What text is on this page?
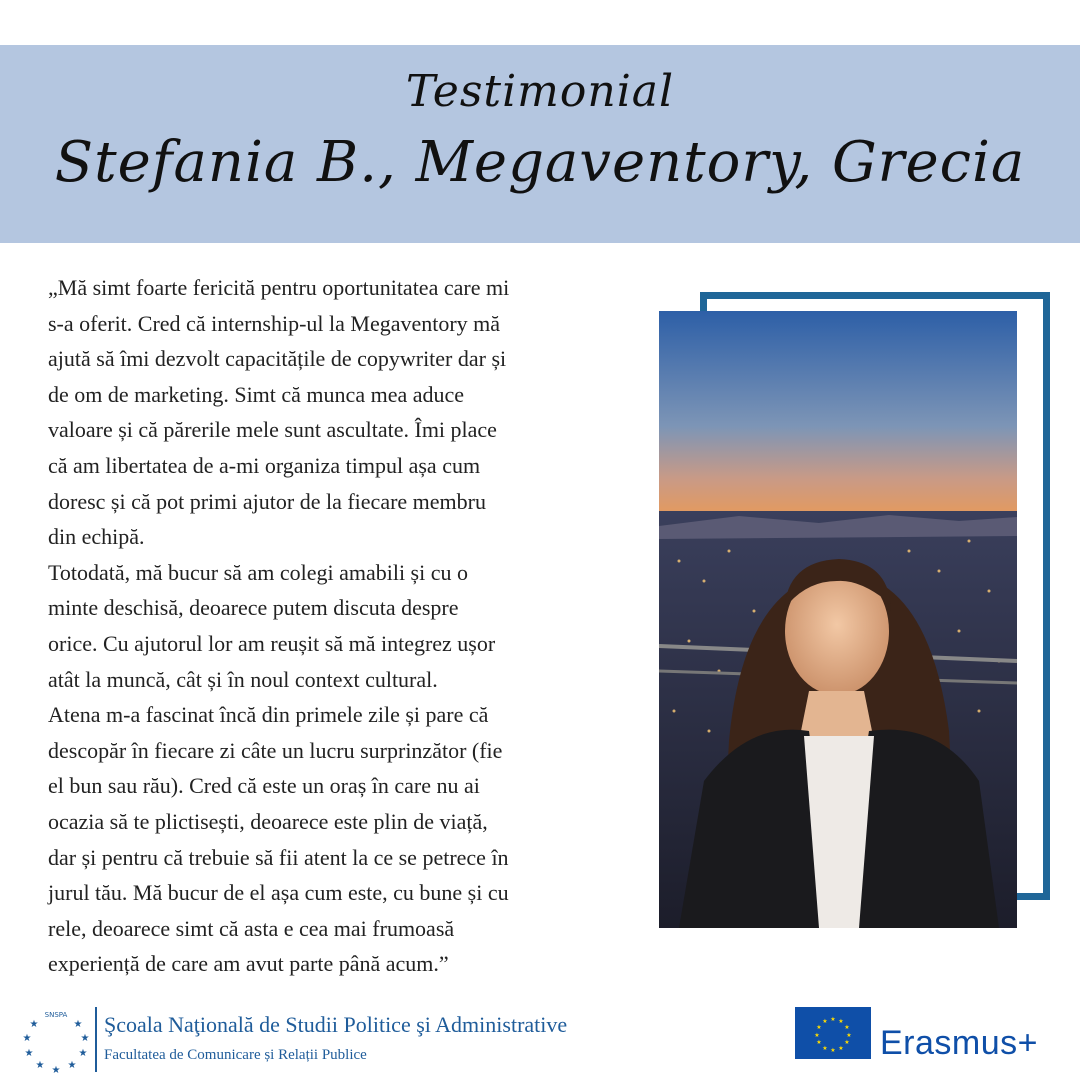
Testimonial
Stefania B., Megaventory, Grecia

„Mă simt foarte fericită pentru oportunitatea care mi

s-a oferit. Cred că internship-ul la Megaventory mă

ajută să îmi dezvolt capacitățile de copywriter dar și

de om de marketing. Simt că munca mea aduce

valoare și că părerile mele sunt ascultate. Îmi place

că am libertatea de a-mi organiza timpul așa cum

doresc și că pot primi ajutor de la fiecare membru

din echipă.

Totodată, mă bucur să am colegi amabili și cu o

minte deschisă, deoarece putem discuta despre

orice. Cu ajutorul lor am reușit să mă integrez ușor

atât la muncă, cât și în noul context cultural.

Atena m-a fascinat încă din primele zile și pare că

descopăr în fiecare zi câte un lucru surprinzător (fie

el bun sau rău). Cred că este un oraș în care nu ai

ocazia să te plictisești, deoarece este plin de viață,

dar și pentru că trebuie să fii atent la ce se petrece în

jurul tău. Mă bucur de el așa cum este, cu bune și cu

rele, deoarece simt că asta e cea mai frumoasă

experiență de care am avut parte până acum.”

SNSPA
★	★
★	★
★	★
★ ★
★
Şcoala Naţională de Studii Politice şi Administrative
Facultatea de Comunicare și Relații Publice
★ ★
★
★
★
★
★
★
★
★
★
★
Erasmus+
